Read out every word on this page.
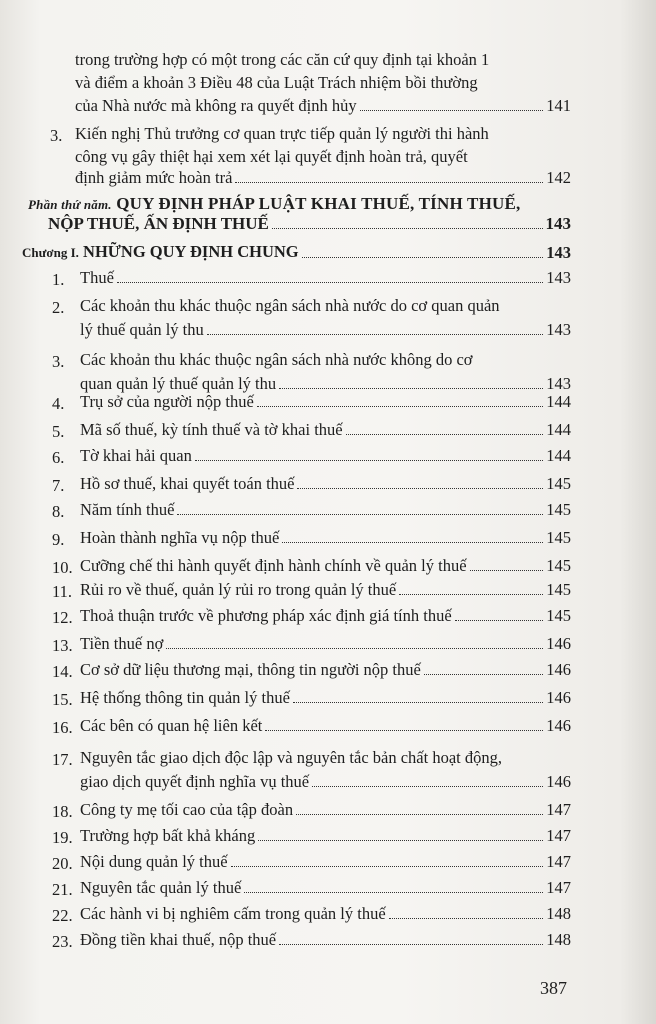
trong trường hợp có một trong các căn cứ quy định tại khoản 1
và điểm a khoản 3 Điều 48 của Luật Trách nhiệm bồi thường
của Nhà nước mà không ra quyết định hủy	141
3. Kiến nghị Thủ trưởng cơ quan trực tiếp quản lý người thi hành
công vụ gây thiệt hại xem xét lại quyết định hoàn trả, quyết
định giảm mức hoàn trả	142
Phần thứ năm. QUY ĐỊNH PHÁP LUẬT KHAI THUẾ, TÍNH THUẾ,
NỘP THUẾ, ẤN ĐỊNH THUẾ	143
Chương I. NHỮNG QUY ĐỊNH CHUNG	143
1. Thuế	143
2. Các khoản thu khác thuộc ngân sách nhà nước do cơ quan quản
lý thuế quản lý thu	143
3. Các khoản thu khác thuộc ngân sách nhà nước không do cơ
quan quản lý thuế quản lý thu	143
4. Trụ sở của người nộp thuế	144
5. Mã số thuế, kỳ tính thuế và tờ khai thuế	144
6. Tờ khai hải quan	144
7. Hồ sơ thuế, khai quyết toán thuế	145
8. Năm tính thuế	145
9. Hoàn thành nghĩa vụ nộp thuế	145
10. Cưỡng chế thi hành quyết định hành chính về quản lý thuế	145
11. Rủi ro về thuế, quản lý rủi ro trong quản lý thuế	145
12. Thoả thuận trước về phương pháp xác định giá tính thuế	145
13. Tiền thuế nợ	146
14. Cơ sở dữ liệu thương mại, thông tin người nộp thuế	146
15. Hệ thống thông tin quản lý thuế	146
16. Các bên có quan hệ liên kết	146
17. Nguyên tắc giao dịch độc lập và nguyên tắc bản chất hoạt động,
giao dịch quyết định nghĩa vụ thuế	146
18. Công ty mẹ tối cao của tập đoàn	147
19. Trường hợp bất khả kháng	147
20. Nội dung quản lý thuế	147
21. Nguyên tắc quản lý thuế	147
22. Các hành vi bị nghiêm cấm trong quản lý thuế	148
23. Đồng tiền khai thuế, nộp thuế	148
387
